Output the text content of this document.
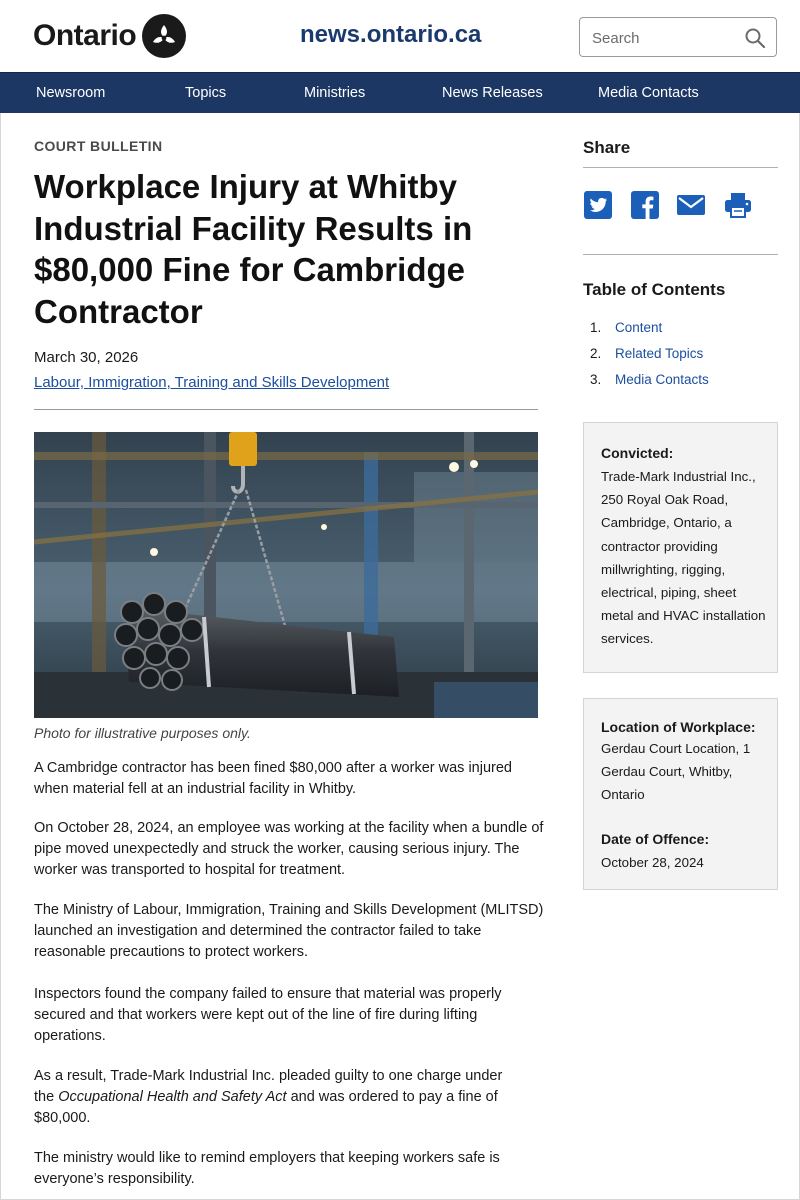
Ontario	news.ontario.ca
Search
Newsroom	Topics	Ministries	News Releases	Media Contacts
COURT BULLETIN
Workplace Injury at Whitby Industrial Facility Results in $80,000 Fine for Cambridge Contractor
March 30, 2026
Labour, Immigration, Training and Skills Development
Photo for illustrative purposes only.

A Cambridge contractor has been fined $80,000 after a worker was injured when material fell at an industrial facility in Whitby.

On October 28, 2024, an employee was working at the facility when a bundle of pipe moved unexpectedly and struck the worker, causing serious injury. The worker was transported to hospital for treatment.

The Ministry of Labour, Immigration, Training and Skills Development (MLITSD) launched an investigation and determined the contractor failed to take reasonable precautions to protect workers.

Inspectors found the company failed to ensure that material was properly secured and that workers were kept out of the line of fire during lifting operations.

As a result, Trade-Mark Industrial Inc. pleaded guilty to one charge under the Occupational Health and Safety Act and was ordered to pay a fine of $80,000.

The ministry would like to remind employers that keeping workers safe is everyone’s responsibility.

Share
Table of Contents
1. Content
2. Related Topics
3. Media Contacts
Convicted:
Trade-Mark Industrial Inc., 250 Royal Oak Road, Cambridge, Ontario, a contractor providing millwrighting, rigging, electrical, piping, sheet metal and HVAC installation services.
Location of Workplace:
Gerdau Court Location, 1 Gerdau Court, Whitby, Ontario
Date of Offence:
October 28, 2024
